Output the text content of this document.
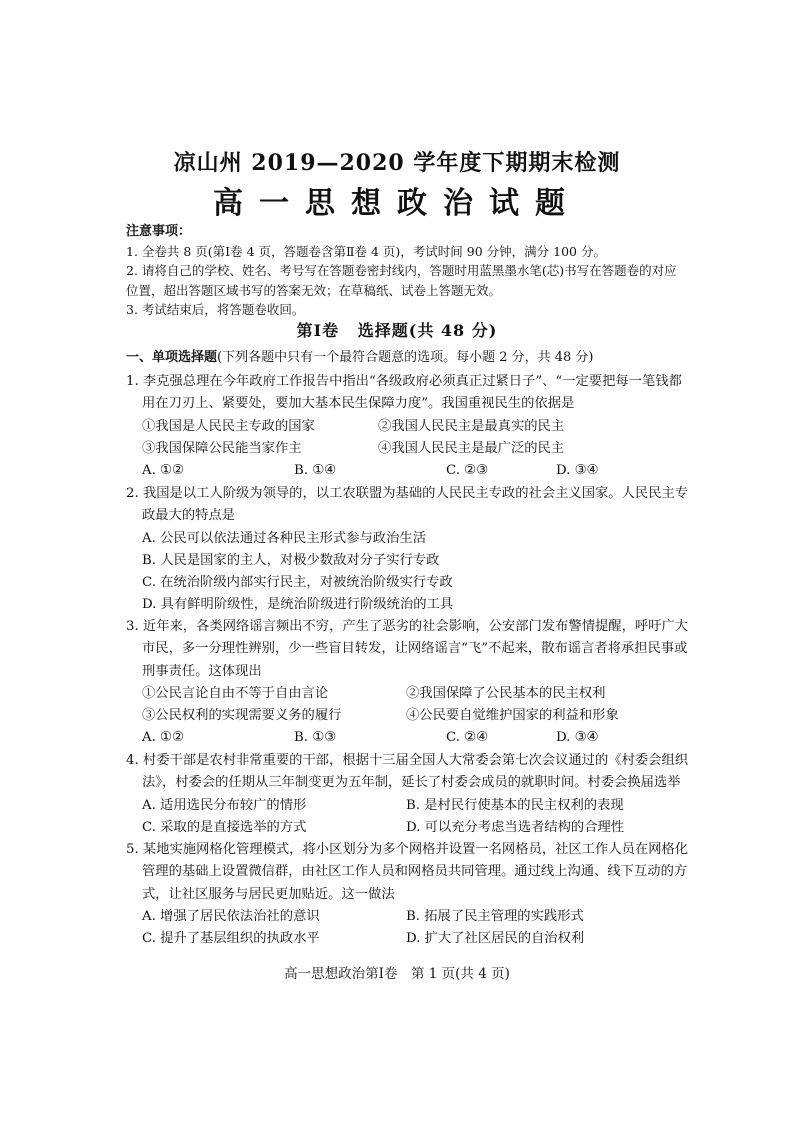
凉山州 2019—2020 学年度下期期末检测
高一思想政治试题
注意事项：
1. 全卷共 8 页(第Ⅰ卷 4 页，答题卷含第Ⅱ卷 4 页)，考试时间 90 分钟，满分 100 分。
2. 请将自己的学校、姓名、考号写在答题卷密封线内，答题时用蓝黑墨水笔(芯)书写在答题卷的对应位置，超出答题区域书写的答案无效；在草稿纸、试卷上答题无效。
3. 考试结束后，将答题卷收回。
第Ⅰ卷 选择题(共 48 分)
一、单项选择题(下列各题中只有一个最符合题意的选项。每小题 2 分，共 48 分)
1. 李克强总理在今年政府工作报告中指出“各级政府必须真正过紧日子”、“一定要把每一笔钱都用在刀刃上、紧要处，要加大基本民生保障力度”。我国重视民生的依据是
①我国是人民民主专政的国家	②我国人民民主是最真实的民主
③我国保障公民能当家作主	④我国人民民主是最广泛的民主
A. ①②	B. ①④	C. ②③	D. ③④
2. 我国是以工人阶级为领导的，以工农联盟为基础的人民民主专政的社会主义国家。人民民主专政最大的特点是
A. 公民可以依法通过各种民主形式参与政治生活
B. 人民是国家的主人，对极少数敌对分子实行专政
C. 在统治阶级内部实行民主，对被统治阶级实行专政
D. 具有鲜明阶级性，是统治阶级进行阶级统治的工具
3. 近年来，各类网络谣言频出不穷，产生了恶劣的社会影响，公安部门发布警情提醒，呼吁广大市民，多一分理性辨别，少一些盲目转发，让网络谣言“飞”不起来，散布谣言者将承担民事或刑事责任。这体现出
①公民言论自由不等于自由言论	②我国保障了公民基本的民主权利
③公民权利的实现需要义务的履行	④公民要自觉维护国家的利益和形象
A. ①②	B. ①③	C. ②④	D. ③④
4. 村委干部是农村非常重要的干部，根据十三届全国人大常委会第七次会议通过的《村委会组织法》，村委会的任期从三年制变更为五年制，延长了村委会成员的就职时间。村委会换届选举
A. 适用选民分布较广的情形	B. 是村民行使基本的民主权利的表现
C. 采取的是直接选举的方式	D. 可以充分考虑当选者结构的合理性
5. 某地实施网格化管理模式，将小区划分为多个网格并设置一名网格员，社区工作人员在网格化管理的基础上设置微信群，由社区工作人员和网格员共同管理。通过线上沟通、线下互动的方式，让社区服务与居民更加贴近。这一做法
A. 增强了居民依法治社的意识	B. 拓展了民主管理的实践形式
C. 提升了基层组织的执政水平	D. 扩大了社区居民的自治权利
高一思想政治第Ⅰ卷　第 1 页(共 4 页)
